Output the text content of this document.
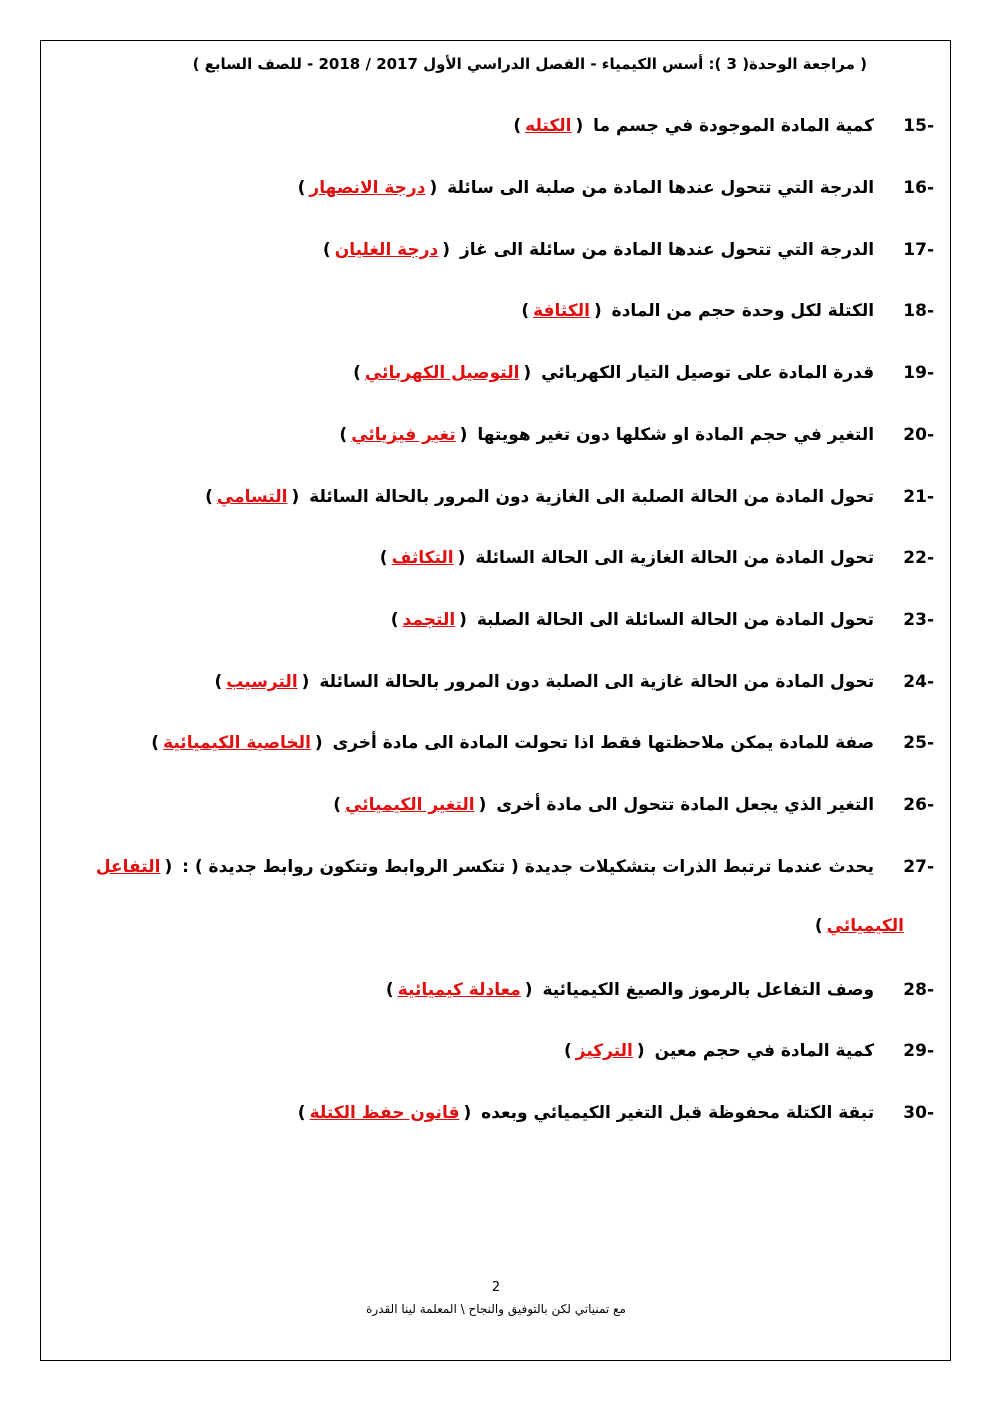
( مراجعة الوحدة( 3 ): أسس الكيمياء - الفصل الدراسي الأول 2017 / 2018 - للصف السابع )
15- كمية المادة الموجودة في جسم ما (الكتله)
16- الدرجة التي تتحول عندها المادة من صلبة الى سائلة (درجة الانصهار)
17- الدرجة التي تتحول عندها المادة من سائلة الى غاز (درجة الغليان)
18- الكتلة لكل وحدة حجم من المادة (الكثافة)
19- قدرة المادة على توصيل التيار الكهربائي (التوصيل الكهربائي)
20- التغير في حجم المادة او شكلها دون تغير هويتها (تغير فيزيائي)
21- تحول المادة من الحالة الصلبة الى الغازية دون المرور بالحالة السائلة (التسامي)
22- تحول المادة من الحالة الغازية الى الحالة السائلة (التكاثف)
23- تحول المادة من الحالة السائلة الى الحالة الصلبة (التجمد)
24- تحول المادة من الحالة غازية الى الصلبة دون المرور بالحالة السائلة (الترسيب)
25- صفة للمادة يمكن ملاحظتها فقط اذا تحولت المادة الى مادة أخرى (الخاصية الكيميائية)
26- التغير الذي يجعل المادة تتحول الى مادة أخرى (التغير الكيميائي)
27- يحدث عندما ترتبط الذرات بتشكيلات جديدة ( تتكسر الروابط وتتكون روابط جديدة ) : (التفاعل
الكيميائي)
28- وصف التفاعل بالرموز والصيغ الكيميائية (معادلة كيميائية)
29- كمية المادة في حجم معين (التركيز)
30- تبقة الكتلة محفوظة قبل التغير الكيميائي وبعده (قانون حفظ الكتلة)
2
مع تمنياتي لكن بالتوفيق والنجاح \ المعلمة لينا القدرة
